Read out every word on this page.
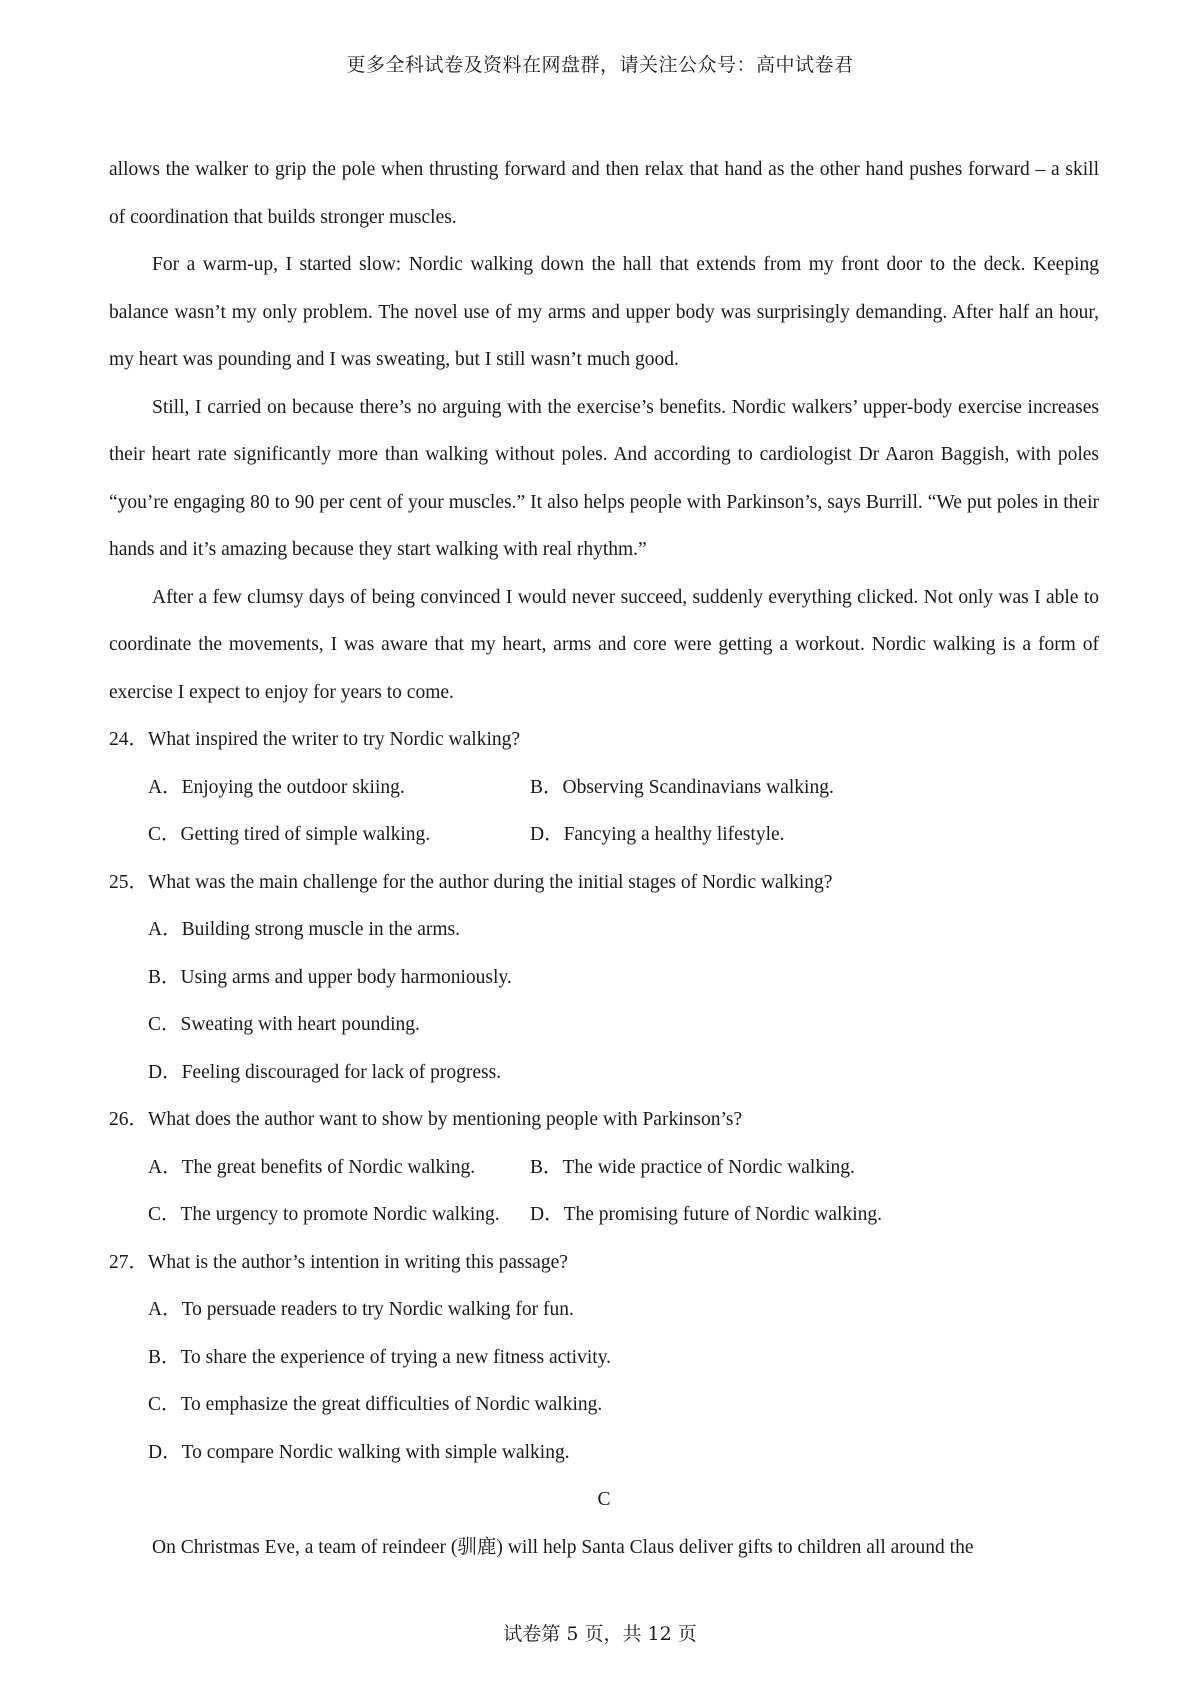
更多全科试卷及资料在网盘群，请关注公众号：高中试卷君

allows the walker to grip the pole when thrusting forward and then relax that hand as the other hand pushes forward – a skill of coordination that builds stronger muscles.

For a warm-up, I started slow: Nordic walking down the hall that extends from my front door to the deck. Keeping balance wasn’t my only problem. The novel use of my arms and upper body was surprisingly demanding. After half an hour, my heart was pounding and I was sweating, but I still wasn’t much good.

Still, I carried on because there’s no arguing with the exercise’s benefits. Nordic walkers’ upper-body exercise increases their heart rate significantly more than walking without poles. And according to cardiologist Dr Aaron Baggish, with poles “you’re engaging 80 to 90 per cent of your muscles.” It also helps people with Parkinson’s, says Burrill. “We put poles in their hands and it’s amazing because they start walking with real rhythm.”

After a few clumsy days of being convinced I would never succeed, suddenly everything clicked. Not only was I able to coordinate the movements, I was aware that my heart, arms and core were getting a workout. Nordic walking is a form of exercise I expect to enjoy for years to come.

24．What inspired the writer to try Nordic walking?

A．Enjoying the outdoor skiing.	B．Observing Scandinavians walking.
C．Getting tired of simple walking.	D．Fancying a healthy lifestyle.

25．What was the main challenge for the author during the initial stages of Nordic walking?

A．Building strong muscle in the arms.

B．Using arms and upper body harmoniously.

C．Sweating with heart pounding.

D．Feeling discouraged for lack of progress.

26．What does the author want to show by mentioning people with Parkinson’s?

A．The great benefits of Nordic walking.	B．The wide practice of Nordic walking.
C．The urgency to promote Nordic walking.	D．The promising future of Nordic walking.

27．What is the author’s intention in writing this passage?

A．To persuade readers to try Nordic walking for fun.

B．To share the experience of trying a new fitness activity.

C．To emphasize the great difficulties of Nordic walking.

D．To compare Nordic walking with simple walking.

C

On Christmas Eve, a team of reindeer (驯鹿) will help Santa Claus deliver gifts to children all around the

试卷第 5 页，共 12 页
